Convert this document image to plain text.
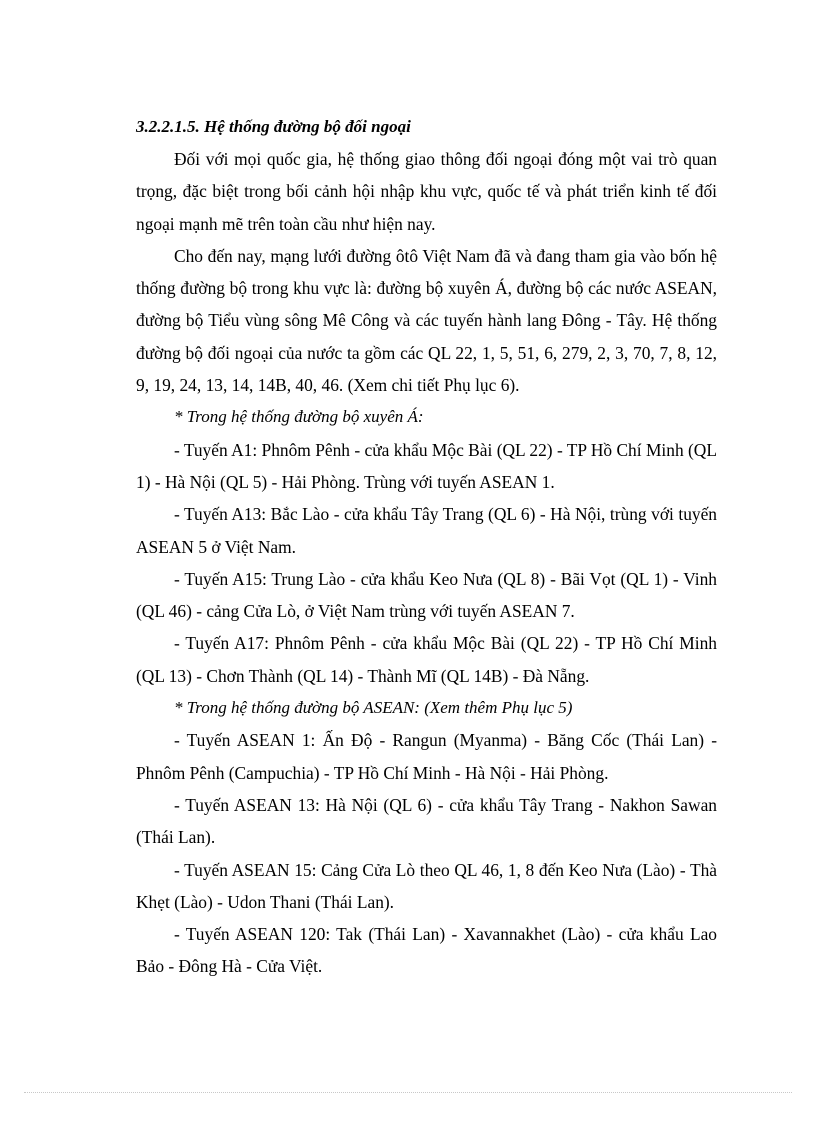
3.2.2.1.5. Hệ thống đường bộ đối ngoại

Đối với mọi quốc gia, hệ thống giao thông đối ngoại đóng một vai trò quan trọng, đặc biệt trong bối cảnh hội nhập khu vực, quốc tế và phát triển kinh tế đối ngoại mạnh mẽ trên toàn cầu như hiện nay.

Cho đến nay, mạng lưới đường ôtô Việt Nam đã và đang tham gia vào bốn hệ thống đường bộ trong khu vực là: đường bộ xuyên Á, đường bộ các nước ASEAN, đường bộ Tiểu vùng sông Mê Công và các tuyến hành lang Đông - Tây. Hệ thống đường bộ đối ngoại của nước ta gồm các QL 22, 1, 5, 51, 6, 279, 2, 3, 70, 7, 8, 12, 9, 19, 24, 13, 14, 14B, 40, 46. (Xem chi tiết Phụ lục 6).

* Trong hệ thống đường bộ xuyên Á:

- Tuyến A1: Phnôm Pênh - cửa khẩu Mộc Bài (QL 22) - TP Hồ Chí Minh (QL 1) - Hà Nội (QL 5) - Hải Phòng. Trùng với tuyến ASEAN 1.

- Tuyến A13: Bắc Lào - cửa khẩu Tây Trang (QL 6) - Hà Nội, trùng với tuyến ASEAN 5 ở Việt Nam.

- Tuyến A15: Trung Lào - cửa khẩu Keo Nưa (QL 8) - Bãi Vọt (QL 1) - Vinh (QL 46) - cảng Cửa Lò, ở Việt Nam trùng với tuyến ASEAN 7.

- Tuyến A17: Phnôm Pênh - cửa khẩu Mộc Bài (QL 22) - TP Hồ Chí Minh (QL 13) - Chơn Thành (QL 14) - Thành Mĩ (QL 14B) - Đà Nẵng.

* Trong hệ thống đường bộ ASEAN: (Xem thêm Phụ lục 5)

- Tuyến ASEAN 1: Ấn Độ - Rangun (Myanma) - Băng Cốc (Thái Lan) - Phnôm Pênh (Campuchia) - TP Hồ Chí Minh - Hà Nội - Hải Phòng.

- Tuyến ASEAN 13: Hà Nội (QL 6) - cửa khẩu Tây Trang - Nakhon Sawan (Thái Lan).

- Tuyến ASEAN 15: Cảng Cửa Lò theo QL 46, 1, 8 đến Keo Nưa (Lào) - Thà Khẹt (Lào) - Udon Thani (Thái Lan).

- Tuyến ASEAN 120: Tak (Thái Lan) - Xavannakhet (Lào) - cửa khẩu Lao Bảo - Đông Hà - Cửa Việt.
